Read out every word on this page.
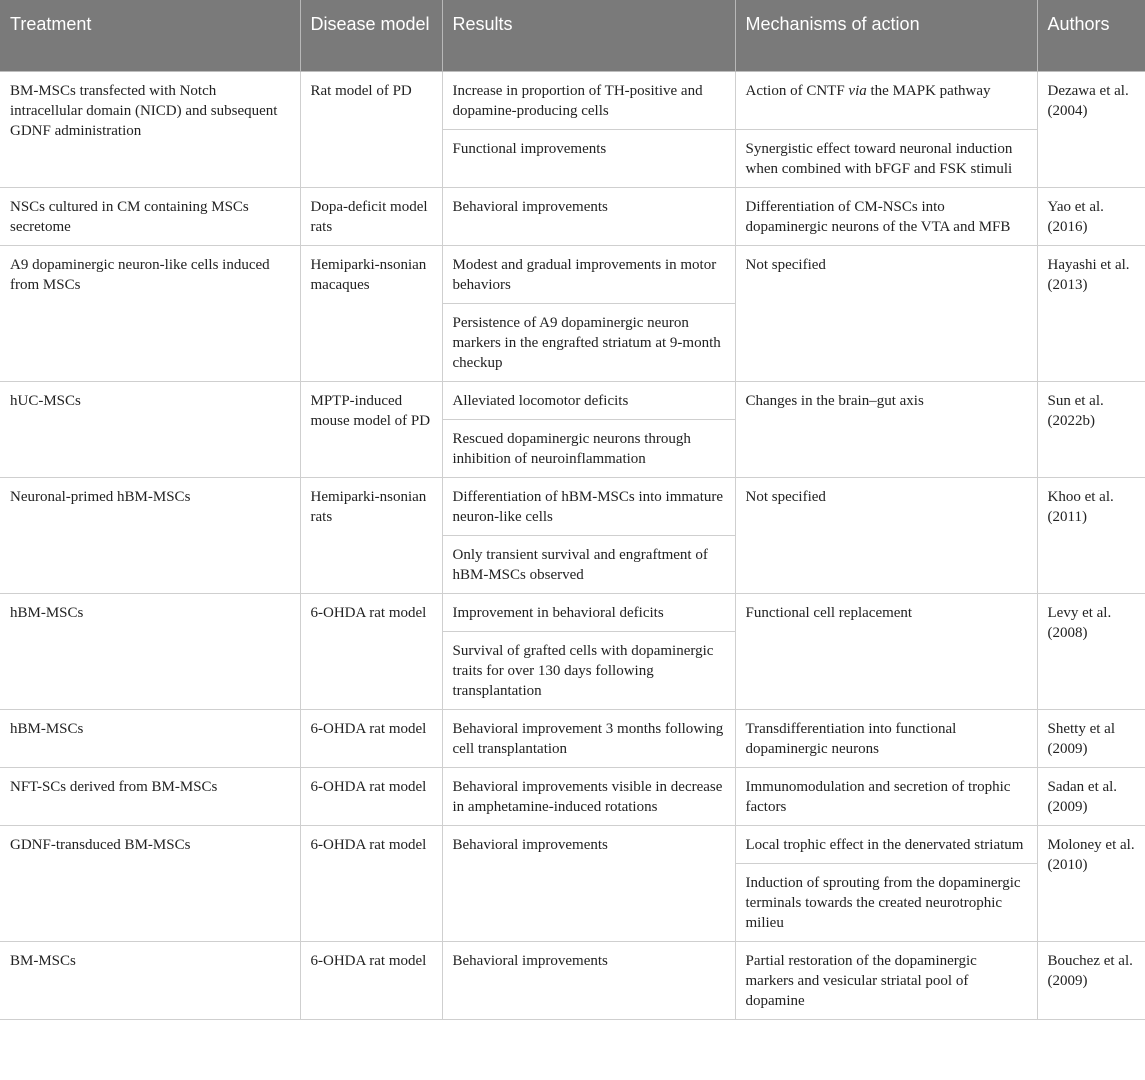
Treatment	Disease model	Results	Mechanisms of action	Authors
BM-MSCs transfected with Notch intracellular domain (NICD) and subsequent GDNF administration	Rat model of PD	Increase in proportion of TH-positive and dopamine-producing cells	Action of CNTF via the MAPK pathway	Dezawa et al. (2004)
		Functional improvements	Synergistic effect toward neuronal induction when combined with bFGF and FSK stimuli	
NSCs cultured in CM containing MSCs secretome	Dopa-deficit model rats	Behavioral improvements	Differentiation of CM-NSCs into dopaminergic neurons of the VTA and MFB	Yao et al. (2016)
A9 dopaminergic neuron-like cells induced from MSCs	Hemiparki-nsonian macaques	Modest and gradual improvements in motor behaviors	Not specified	Hayashi et al. (2013)
		Persistence of A9 dopaminergic neuron markers in the engrafted striatum at 9-month checkup		
hUC-MSCs	MPTP-induced mouse model of PD	Alleviated locomotor deficits	Changes in the brain–gut axis	Sun et al. (2022b)
		Rescued dopaminergic neurons through inhibition of neuroinflammation		
Neuronal-primed hBM-MSCs	Hemiparki-nsonian rats	Differentiation of hBM-MSCs into immature neuron-like cells	Not specified	Khoo et al. (2011)
		Only transient survival and engraftment of hBM-MSCs observed		
hBM-MSCs	6-OHDA rat model	Improvement in behavioral deficits	Functional cell replacement	Levy et al. (2008)
		Survival of grafted cells with dopaminergic traits for over 130 days following transplantation		
hBM-MSCs	6-OHDA rat model	Behavioral improvement 3 months following cell transplantation	Transdifferentiation into functional dopaminergic neurons	Shetty et al (2009)
NFT-SCs derived from BM-MSCs	6-OHDA rat model	Behavioral improvements visible in decrease in amphetamine-induced rotations	Immunomodulation and secretion of trophic factors	Sadan et al. (2009)
GDNF-transduced BM-MSCs	6-OHDA rat model	Behavioral improvements	Local trophic effect in the denervated striatum	Moloney et al. (2010)
			Induction of sprouting from the dopaminergic terminals towards the created neurotrophic milieu	
BM-MSCs	6-OHDA rat model	Behavioral improvements	Partial restoration of the dopaminergic markers and vesicular striatal pool of dopamine	Bouchez et al. (2009)
